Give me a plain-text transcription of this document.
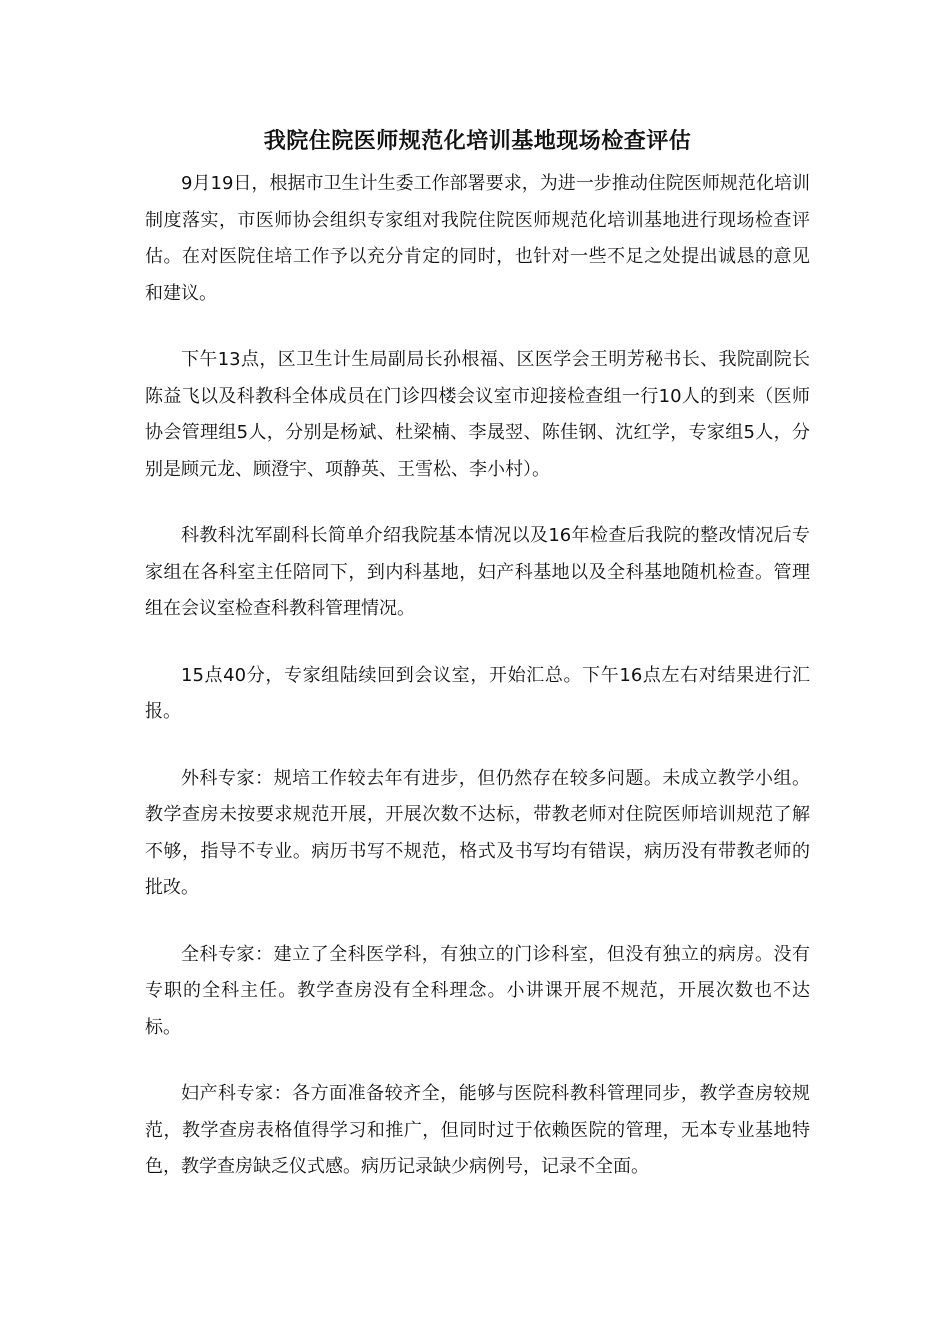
我院住院医师规范化培训基地现场检查评估

9月19日，根据市卫生计生委工作部署要求，为进一步推动住院医师规范化培训制度落实，市医师协会组织专家组对我院住院医师规范化培训基地进行现场检查评估。在对医院住培工作予以充分肯定的同时，也针对一些不足之处提出诚恳的意见和建议。

下午13点，区卫生计生局副局长孙根福、区医学会王明芳秘书长、我院副院长陈益飞以及科教科全体成员在门诊四楼会议室市迎接检查组一行10人的到来（医师协会管理组5人，分别是杨斌、杜梁楠、李晟翌、陈佳钢、沈红学，专家组5人，分别是顾元龙、顾澄宇、项静英、王雪松、李小村）。

科教科沈军副科长简单介绍我院基本情况以及16年检查后我院的整改情况后专家组在各科室主任陪同下，到内科基地，妇产科基地以及全科基地随机检查。管理组在会议室检查科教科管理情况。

15点40分，专家组陆续回到会议室，开始汇总。下午16点左右对结果进行汇报。

外科专家：规培工作较去年有进步，但仍然存在较多问题。未成立教学小组。教学查房未按要求规范开展，开展次数不达标，带教老师对住院医师培训规范了解不够，指导不专业。病历书写不规范，格式及书写均有错误，病历没有带教老师的批改。

全科专家：建立了全科医学科，有独立的门诊科室，但没有独立的病房。没有专职的全科主任。教学查房没有全科理念。小讲课开展不规范，开展次数也不达标。

妇产科专家：各方面准备较齐全，能够与医院科教科管理同步，教学查房较规范，教学查房表格值得学习和推广，但同时过于依赖医院的管理，无本专业基地特色，教学查房缺乏仪式感。病历记录缺少病例号，记录不全面。
